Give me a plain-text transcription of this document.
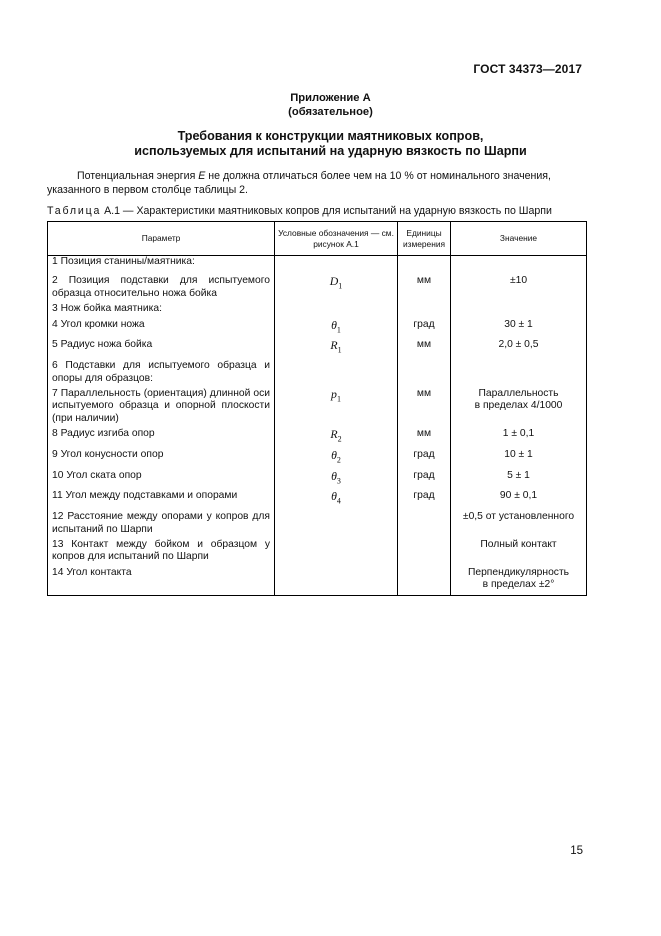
ГОСТ 34373—2017
Приложение А
(обязательное)
Требования к конструкции маятниковых копров,
используемых для испытаний на ударную вязкость по Шарпи

Потенциальная энергия E не должна отличаться более чем на 10 % от номинального значения, указанного в первом столбце таблицы 2.

Таблица А.1 — Характеристики маятниковых копров для испытаний на ударную вязкость по Шарпи
Параметр	Условные обозначения — см. рисунок А.1	Единицы измерения	Значение
1 Позиция станины/маятника:			
2 Позиция подставки для испытуемого образца относительно ножа бойка	$D_1$	мм	±10
3 Нож бойка маятника:			
4 Угол кромки ножа	$\theta_1$	град	30 ± 1
5 Радиус ножа бойка	$R_1$	мм	2,0 ± 0,5
6 Подставки для испытуемого образца и опоры для образцов:			
7 Параллельность (ориентация) длинной оси испытуемого образца и опорной плоскости (при наличии)	$p_1$	мм	Параллельность
в пределах 4/1000
8 Радиус изгиба опор	$R_2$	мм	1 ± 0,1
9 Угол конусности опор	$\theta_2$	град	10 ± 1
10 Угол ската опор	$\theta_3$	град	5 ± 1
11 Угол между подставками и опорами	$\theta_4$	град	90 ± 0,1
12 Расстояние между опорами у копров для испытаний по Шарпи			±0,5 от установленного
13 Контакт между бойком и образцом у копров для испытаний по Шарпи			Полный контакт
14 Угол контакта			Перпендикулярность
в пределах ±2°
15
